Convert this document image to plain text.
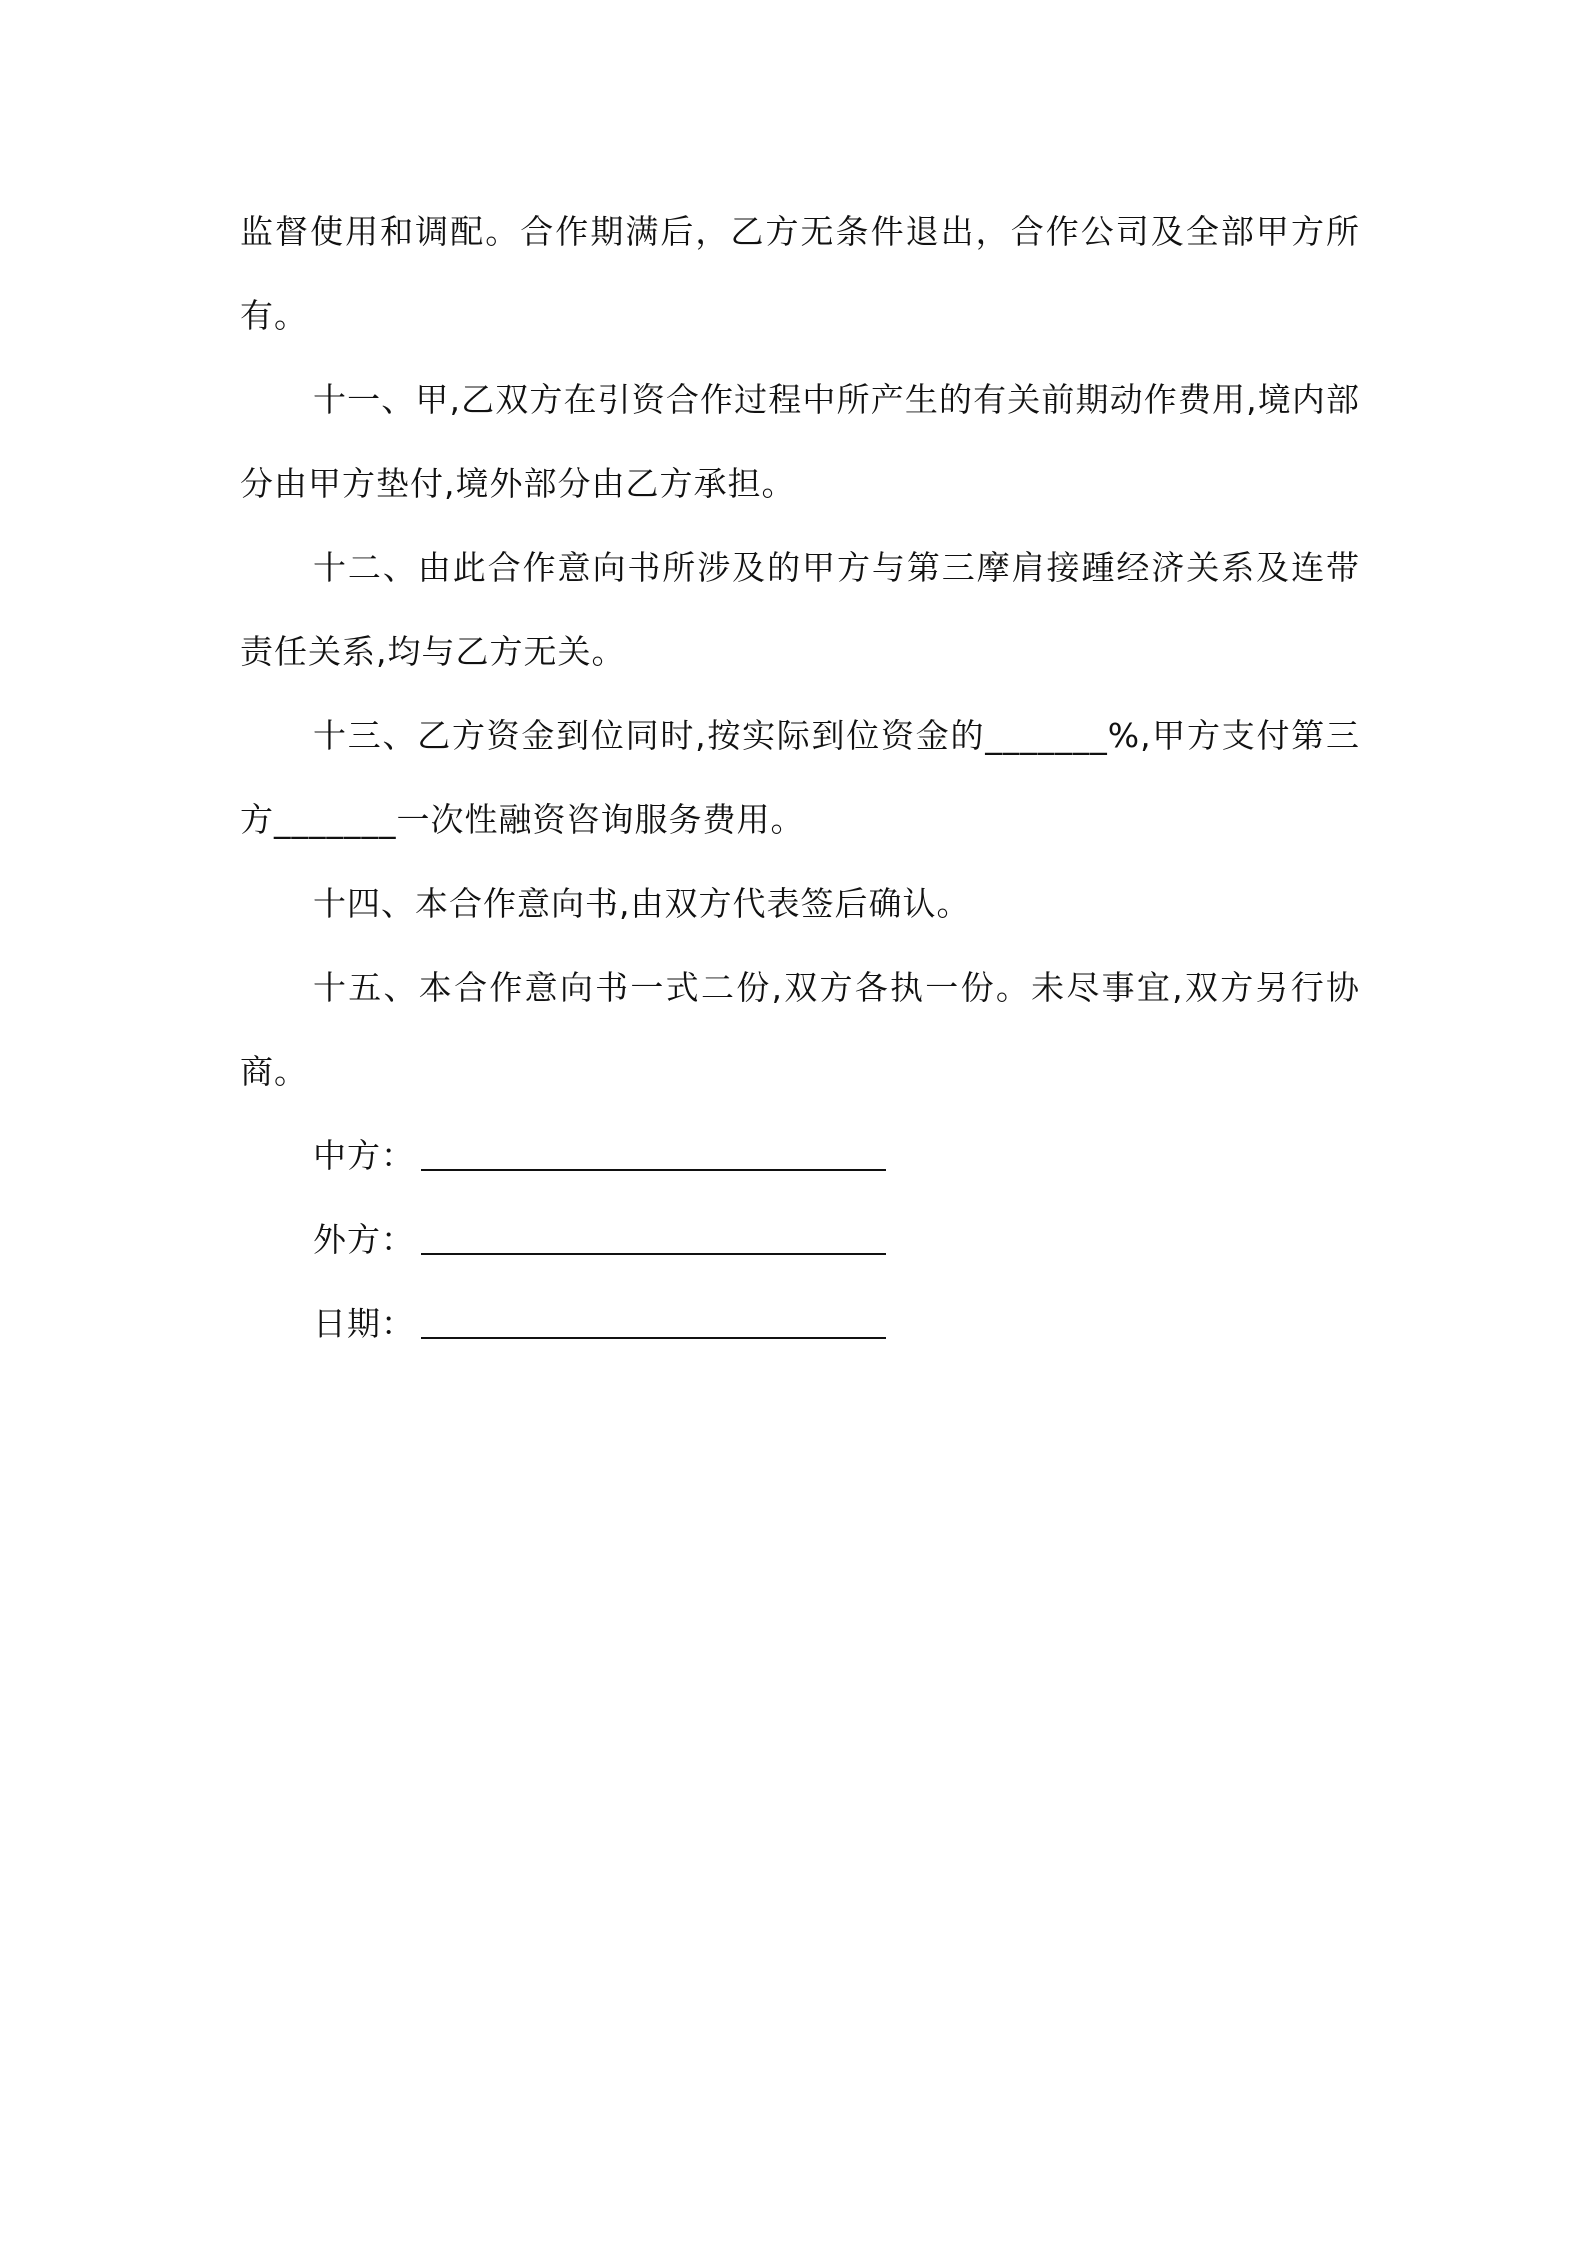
监督使用和调配。合作期满后，乙方无条件退出，合作公司及全部甲方所有。

十一、甲,乙双方在引资合作过程中所产生的有关前期动作费用,境内部分由甲方垫付,境外部分由乙方承担。

十二、由此合作意向书所涉及的甲方与第三摩肩接踵经济关系及连带责任关系,均与乙方无关。

十三、乙方资金到位同时,按实际到位资金的_______%,甲方支付第三方_______一次性融资咨询服务费用。

十四、本合作意向书,由双方代表签后确认。

十五、本合作意向书一式二份,双方各执一份。未尽事宜,双方另行协商。

中方：

外方：

日期：
